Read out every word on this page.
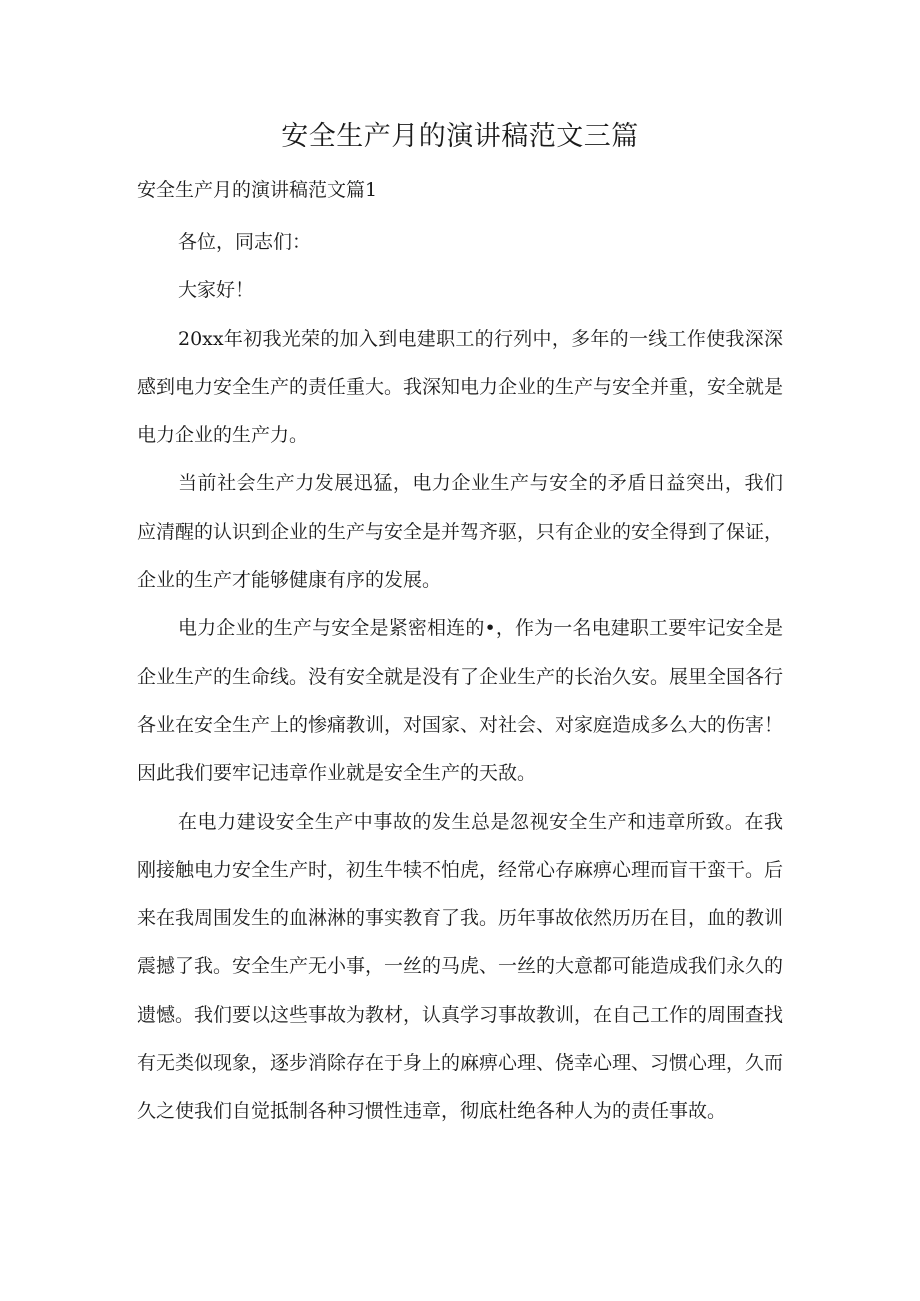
安全生产月的演讲稿范文三篇
安全生产月的演讲稿范文篇1

各位，同志们：

大家好！

20xx年初我光荣的加入到电建职工的行列中，多年的一线工作使我深深感到电力安全生产的责任重大。我深知电力企业的生产与安全并重，安全就是电力企业的生产力。

当前社会生产力发展迅猛，电力企业生产与安全的矛盾日益突出，我们应清醒的认识到企业的生产与安全是并驾齐驱，只有企业的安全得到了保证，企业的生产才能够健康有序的发展。

电力企业的生产与安全是紧密相连的•，作为一名电建职工要牢记安全是企业生产的生命线。没有安全就是没有了企业生产的长治久安。展里全国各行各业在安全生产上的惨痛教训，对国家、对社会、对家庭造成多么大的伤害！因此我们要牢记违章作业就是安全生产的天敌。

在电力建设安全生产中事故的发生总是忽视安全生产和违章所致。在我刚接触电力安全生产时，初生牛犊不怕虎，经常心存麻痹心理而盲干蛮干。后来在我周围发生的血淋淋的事实教育了我。历年事故依然历历在目，血的教训震撼了我。安全生产无小事，一丝的马虎、一丝的大意都可能造成我们永久的遗憾。我们要以这些事故为教材，认真学习事故教训，在自己工作的周围查找有无类似现象，逐步消除存在于身上的麻痹心理、侥幸心理、习惯心理，久而久之使我们自觉抵制各种习惯性违章，彻底杜绝各种人为的责任事故。
